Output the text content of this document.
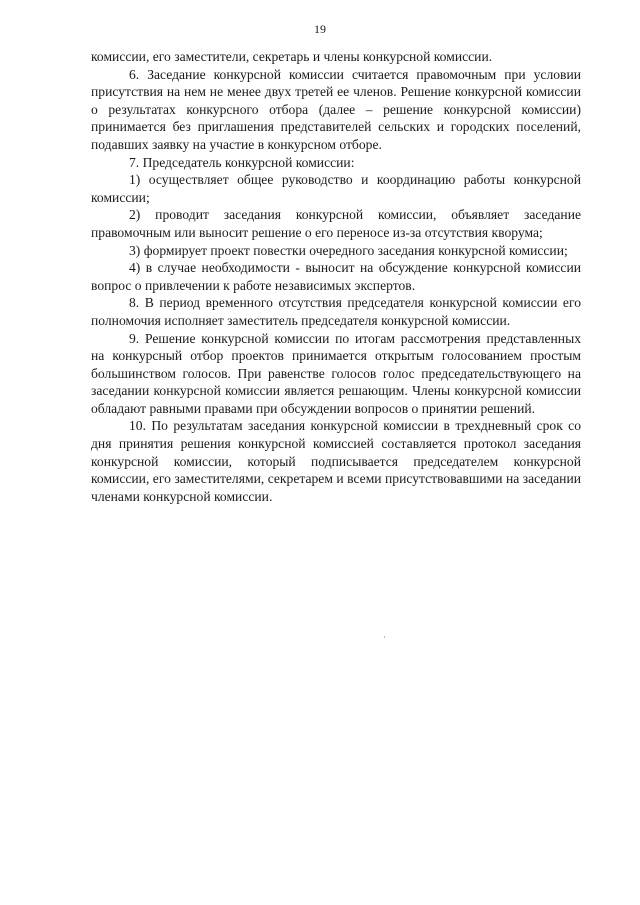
19

комиссии, его заместители, секретарь и члены конкурсной комиссии.

6. Заседание конкурсной комиссии считается правомочным при условии присутствия на нем не менее двух третей ее членов. Решение конкурсной комиссии о результатах конкурсного отбора (далее – решение конкурсной комиссии) принимается без приглашения представителей сельских и городских поселений, подавших заявку на участие в конкурсном отборе.

7. Председатель конкурсной комиссии:

1) осуществляет общее руководство и координацию работы конкурсной комиссии;

2) проводит заседания конкурсной комиссии, объявляет заседание правомочным или выносит решение о его переносе из-за отсутствия кворума;

3) формирует проект повестки очередного заседания конкурсной комиссии;

4) в случае необходимости - выносит на обсуждение конкурсной комиссии вопрос о привлечении к работе независимых экспертов.

8. В период временного отсутствия председателя конкурсной комиссии его полномочия исполняет заместитель председателя конкурсной комиссии.

9. Решение конкурсной комиссии по итогам рассмотрения представленных на конкурсный отбор проектов принимается открытым голосованием простым большинством голосов. При равенстве голосов голос председательствующего на заседании конкурсной комиссии является решающим. Члены конкурсной комиссии обладают равными правами при обсуждении вопросов о принятии решений.

10. По результатам заседания конкурсной комиссии в трехдневный срок со дня принятия решения конкурсной комиссией составляется протокол заседания конкурсной комиссии, который подписывается председателем конкурсной комиссии, его заместителями, секретарем и всеми присутствовавшими на заседании членами конкурсной комиссии.
